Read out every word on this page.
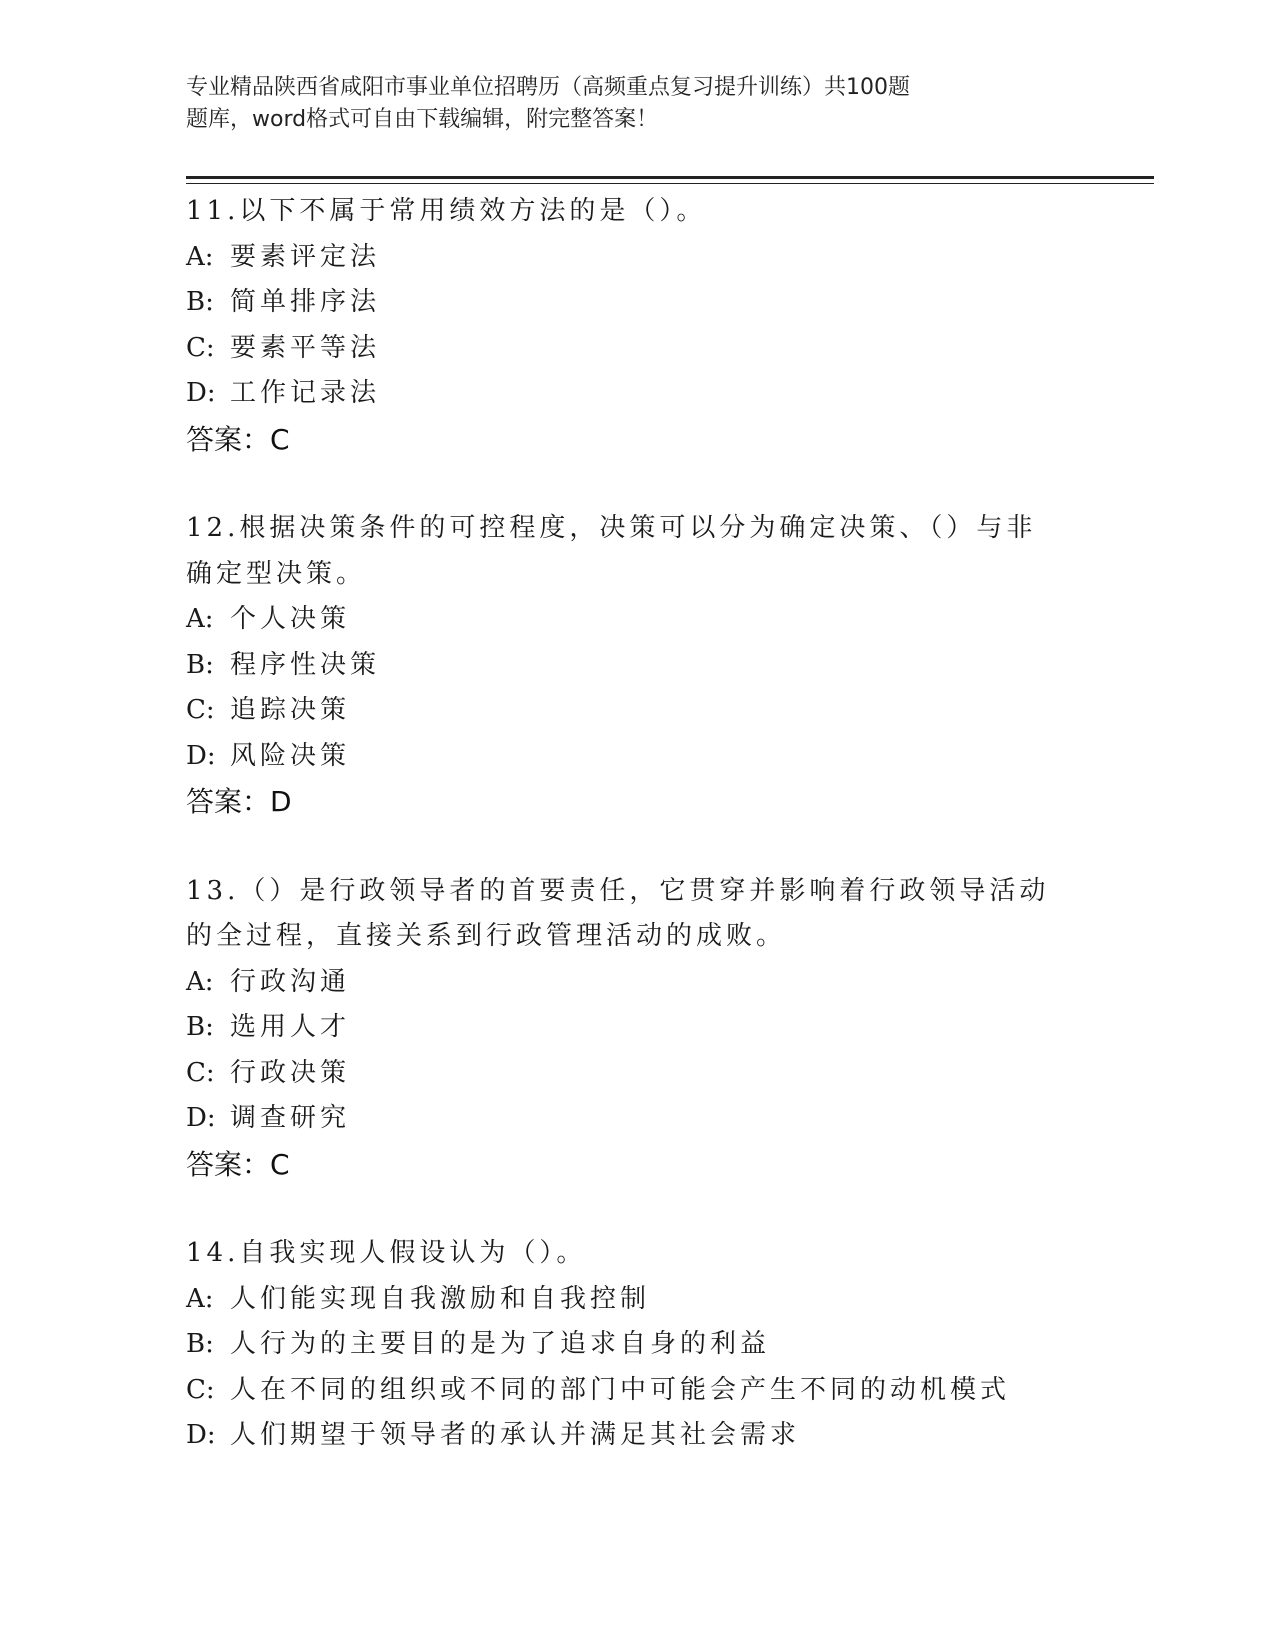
专业精品陕西省咸阳市事业单位招聘历（高频重点复习提升训练）共100题
题库，word格式可自由下载编辑，附完整答案！
11.以下不属于常用绩效方法的是（）。
A: 要素评定法
B: 简单排序法
C: 要素平等法
D: 工作记录法
答案：C
12.根据决策条件的可控程度，决策可以分为确定决策、（）与非确定型决策。
A: 个人决策
B: 程序性决策
C: 追踪决策
D: 风险决策
答案：D
13.（）是行政领导者的首要责任，它贯穿并影响着行政领导活动的全过程，直接关系到行政管理活动的成败。
A: 行政沟通
B: 选用人才
C: 行政决策
D: 调查研究
答案：C
14.自我实现人假设认为（）。
A: 人们能实现自我激励和自我控制
B: 人行为的主要目的是为了追求自身的利益
C: 人在不同的组织或不同的部门中可能会产生不同的动机模式
D: 人们期望于领导者的承认并满足其社会需求
